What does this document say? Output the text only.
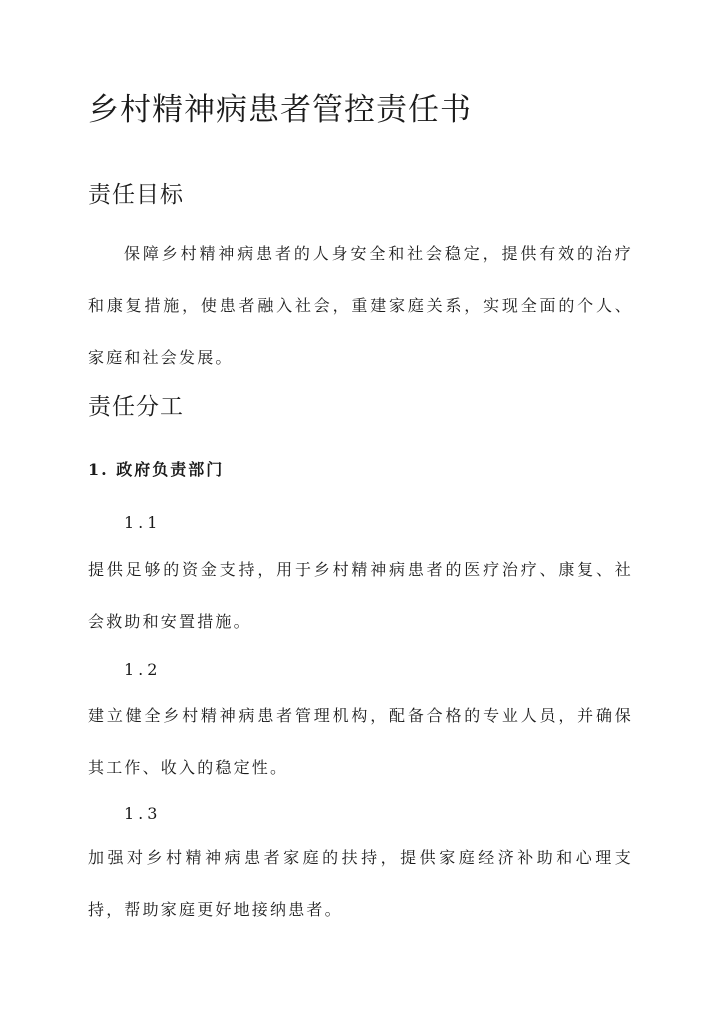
乡村精神病患者管控责任书
责任目标
保障乡村精神病患者的人身安全和社会稳定，提供有效的治疗和康复措施，使患者融入社会，重建家庭关系，实现全面的个人、家庭和社会发展。
责任分工
1. 政府负责部门
1.1
提供足够的资金支持，用于乡村精神病患者的医疗治疗、康复、社会救助和安置措施。
1.2
建立健全乡村精神病患者管理机构，配备合格的专业人员，并确保其工作、收入的稳定性。
1.3
加强对乡村精神病患者家庭的扶持，提供家庭经济补助和心理支持，帮助家庭更好地接纳患者。
